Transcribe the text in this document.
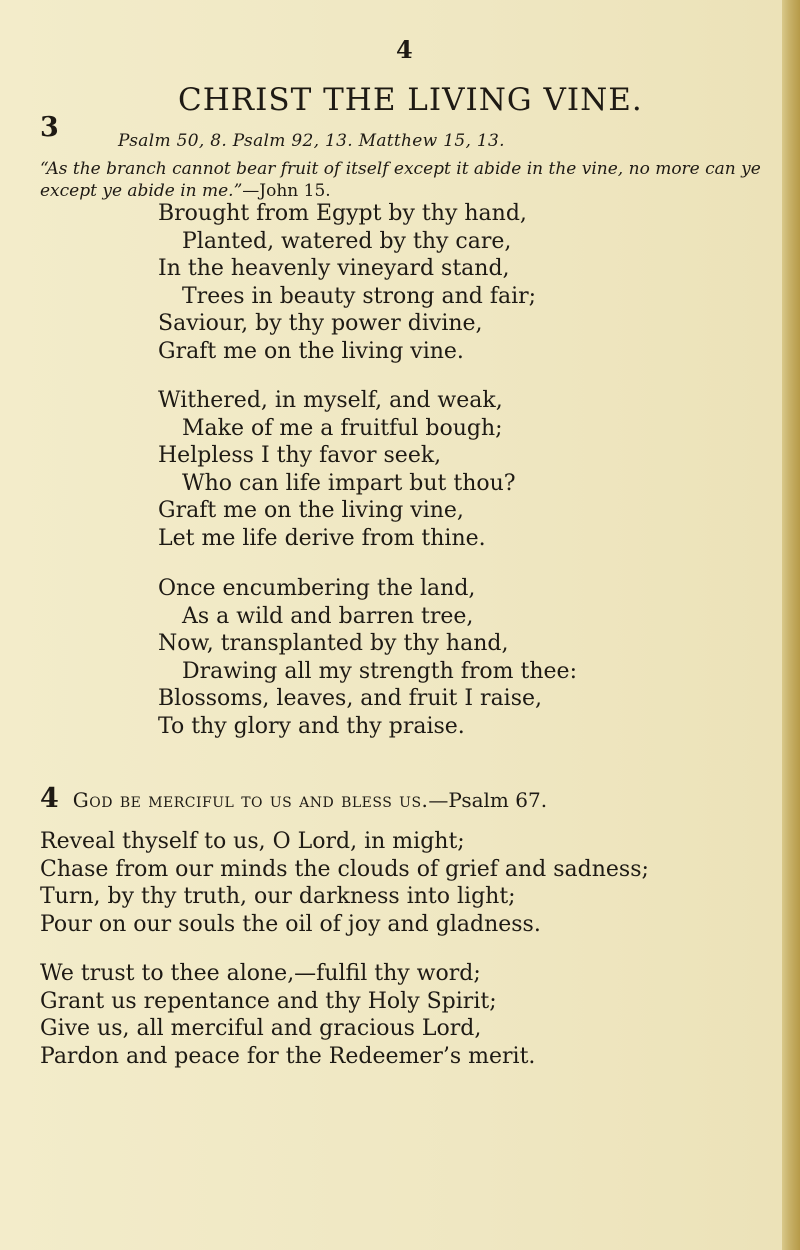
4
CHRIST THE LIVING VINE.
3	Psalm 50, 8. Psalm 92, 13. Matthew 15, 13.
“As the branch cannot bear fruit of itself except it abide in the vine, no more can ye except ye abide in me.”—John 15.
Brought from Egypt by thy hand,
Planted, watered by thy care,
In the heavenly vineyard stand,
Trees in beauty strong and fair;
Saviour, by thy power divine,
Graft me on the living vine.
Withered, in myself, and weak,
Make of me a fruitful bough;
Helpless I thy favor seek,
Who can life impart but thou?
Graft me on the living vine,
Let me life derive from thine.
Once encumbering the land,
As a wild and barren tree,
Now, transplanted by thy hand,
Drawing all my strength from thee:
Blossoms, leaves, and fruit I raise,
To thy glory and thy praise.
4 God be merciful to us and bless us.—Psalm 67.
Reveal thyself to us, O Lord, in might;
Chase from our minds the clouds of grief and sadness;
Turn, by thy truth, our darkness into light;
Pour on our souls the oil of joy and gladness.
We trust to thee alone,—fulfil thy word;
Grant us repentance and thy Holy Spirit;
Give us, all merciful and gracious Lord,
Pardon and peace for the Redeemer’s merit.
